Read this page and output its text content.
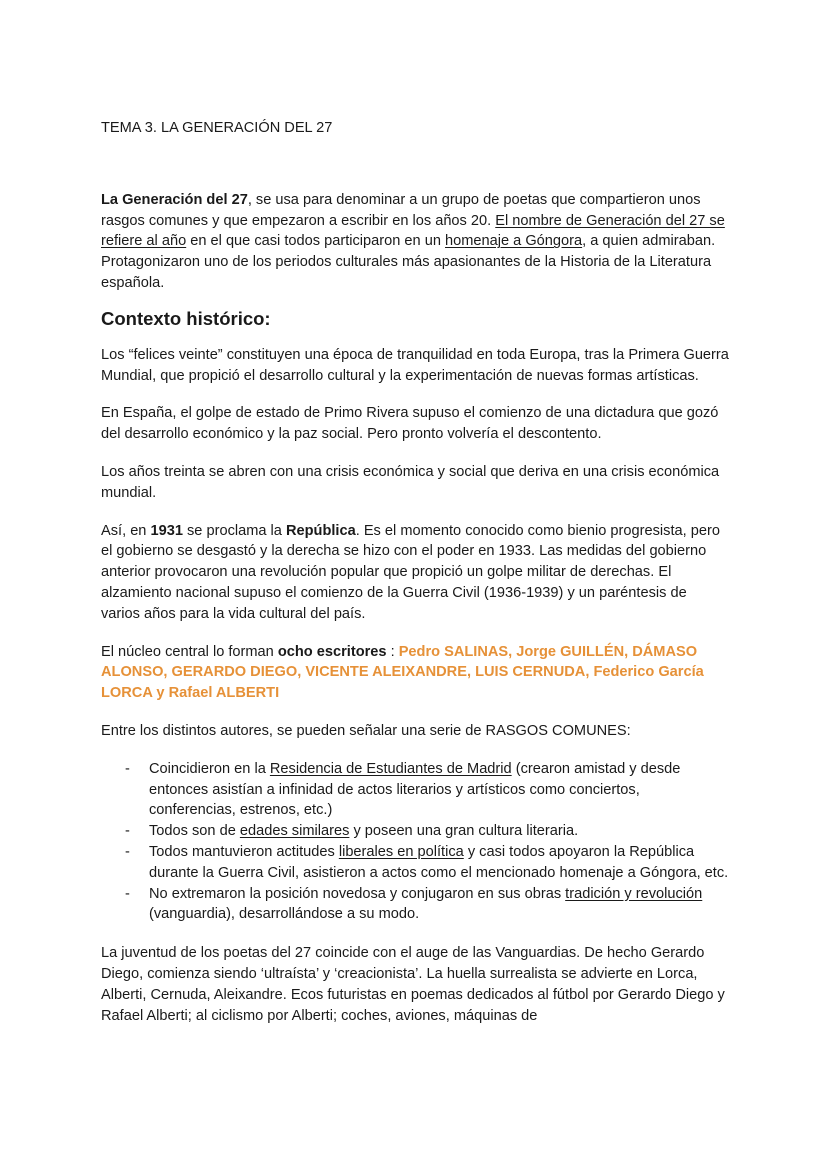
TEMA 3. LA GENERACIÓN DEL 27

La Generación del 27, se usa para denominar a un grupo de poetas que compartieron unos rasgos comunes y que empezaron a escribir en los años 20. El nombre de Generación del 27 se refiere al año en el que casi todos participaron en un homenaje a Góngora, a quien admiraban. Protagonizaron uno de los periodos culturales más apasionantes de la Historia de la Literatura española.

Contexto histórico:

Los “felices veinte” constituyen una época de tranquilidad en toda Europa, tras la Primera Guerra Mundial, que propició el desarrollo cultural y la experimentación de nuevas formas artísticas.

En España, el golpe de estado de Primo Rivera supuso el comienzo de una dictadura que gozó del desarrollo económico y la paz social. Pero pronto volvería el descontento.

Los años treinta se abren con una crisis económica y social que deriva en una crisis económica mundial.

Así, en 1931 se proclama la República. Es el momento conocido como bienio progresista, pero el gobierno se desgastó y la derecha se hizo con el poder en 1933. Las medidas del gobierno anterior provocaron una revolución popular que propició un golpe militar de derechas. El alzamiento nacional supuso el comienzo de la Guerra Civil (1936-1939) y un paréntesis de varios años para la vida cultural del país.

El núcleo central lo forman ocho escritores : Pedro SALINAS, Jorge GUILLÉN, DÁMASO ALONSO, GERARDO DIEGO, VICENTE ALEIXANDRE, LUIS CERNUDA, Federico García LORCA y Rafael ALBERTI

Entre los distintos autores, se pueden señalar una serie de RASGOS COMUNES:

- Coincidieron en la Residencia de Estudiantes de Madrid (crearon amistad y desde entonces asistían a infinidad de actos literarios y artísticos como conciertos, conferencias, estrenos, etc.)
- Todos son de edades similares y poseen una gran cultura literaria.
- Todos mantuvieron actitudes liberales en política y casi todos apoyaron la República durante la Guerra Civil, asistieron a actos como el mencionado homenaje a Góngora, etc.
- No extremaron la posición novedosa y conjugaron en sus obras tradición y revolución (vanguardia), desarrollándose a su modo.

La juventud de los poetas del 27 coincide con el auge de las Vanguardias. De hecho Gerardo Diego, comienza siendo ‘ultraísta’ y ‘creacionista’. La huella surrealista se advierte en Lorca, Alberti, Cernuda, Aleixandre. Ecos futuristas en poemas dedicados al fútbol por Gerardo Diego y Rafael Alberti; al ciclismo por Alberti; coches, aviones, máquinas de
